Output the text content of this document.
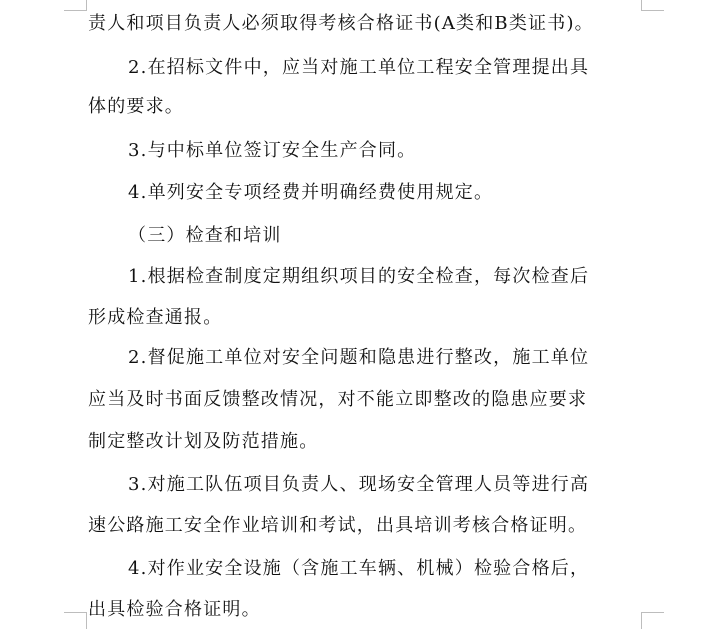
责人和项目负责人必须取得考核合格证书(A类和B类证书)。
2.在招标文件中，应当对施工单位工程安全管理提出具
体的要求。
3.与中标单位签订安全生产合同。
4.单列安全专项经费并明确经费使用规定。
（三）检查和培训
1.根据检查制度定期组织项目的安全检查，每次检查后
形成检查通报。
2.督促施工单位对安全问题和隐患进行整改，施工单位
应当及时书面反馈整改情况，对不能立即整改的隐患应要求
制定整改计划及防范措施。
3.对施工队伍项目负责人、现场安全管理人员等进行高
速公路施工安全作业培训和考试，出具培训考核合格证明。
4.对作业安全设施（含施工车辆、机械）检验合格后，
出具检验合格证明。
